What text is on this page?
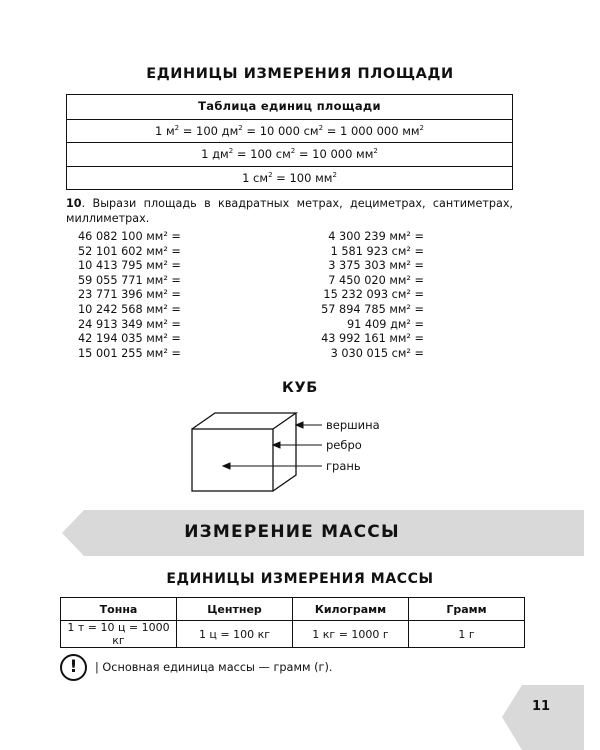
ЕДИНИЦЫ ИЗМЕРЕНИЯ ПЛОЩАДИ
Таблица единиц площади
1 $м^2 = 100$ $дм^2 = 10$ 000 $см^2 = 1$ 000 000 $мм^2$
1 $дм^2 = 100$ $см^2 = 10$ 000 $мм^2$
1 $см^2 = 100$ $мм^2$
10. Вырази площадь в квадратных метрах, дециметрах, сантиметрах, миллиметрах.
46 082 100 мм² =
52 101 602 мм² =
10 413 795 мм² =
59 055 771 мм² =
23 771 396 мм² =
10 242 568 мм² =
24 913 349 мм² =
42 194 035 мм² =
15 001 255 мм² =
4 300 239 мм² =
1 581 923 см² =
3 375 303 мм² =
7 450 020 мм² =
15 232 093 см² =
57 894 785 мм² =
91 409 дм² =
43 992 161 мм² =
3 030 015 см² =
КУБ
вершина
ребро
грань
ИЗМЕРЕНИЕ МАССЫ
ЕДИНИЦЫ ИЗМЕРЕНИЯ МАССЫ
Тонна	Центнер	Килограмм	Грамм
1 т = 10 ц = 1000 кг	1 ц = 100 кг	1 кг = 1000 г	1 г
!	| Основная единица массы — грамм (г).
11
